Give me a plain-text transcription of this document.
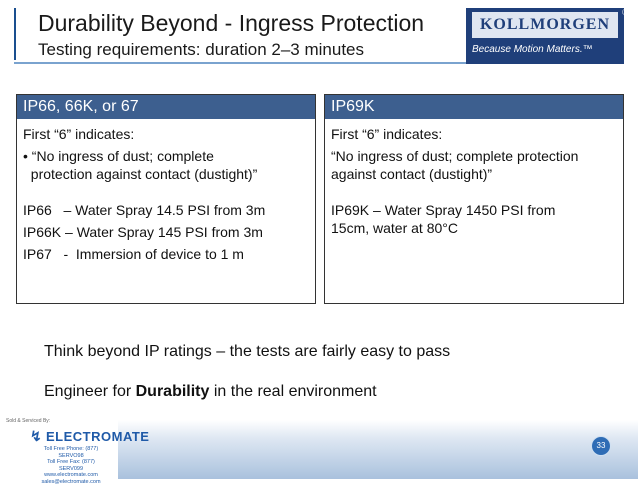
Durability Beyond - Ingress Protection
Testing requirements: duration 2–3 minutes
KOLLMORGEN
®
Because Motion Matters.™
IP66, 66K, or 67

First “6” indicates:

• “No ingress of dust; complete

protection against contact (dustight)”

IP66   – Water Spray 14.5 PSI from 3m

IP66K – Water Spray 145 PSI from 3m

IP67   -  Immersion of device to 1 m

IP69K

First “6” indicates:

“No ingress of dust; complete protection

against contact (dustight)”

IP69K – Water Spray 1450 PSI from

15cm, water at 80°C

Think beyond IP ratings – the tests are fairly easy to pass
Engineer for Durability in the real environment
Sold & Serviced By:
↯ ELECTROMATE
Toll Free Phone: (877) SERVO98
Toll Free Fax: (877) SERV099
www.electromate.com
sales@electromate.com
33
